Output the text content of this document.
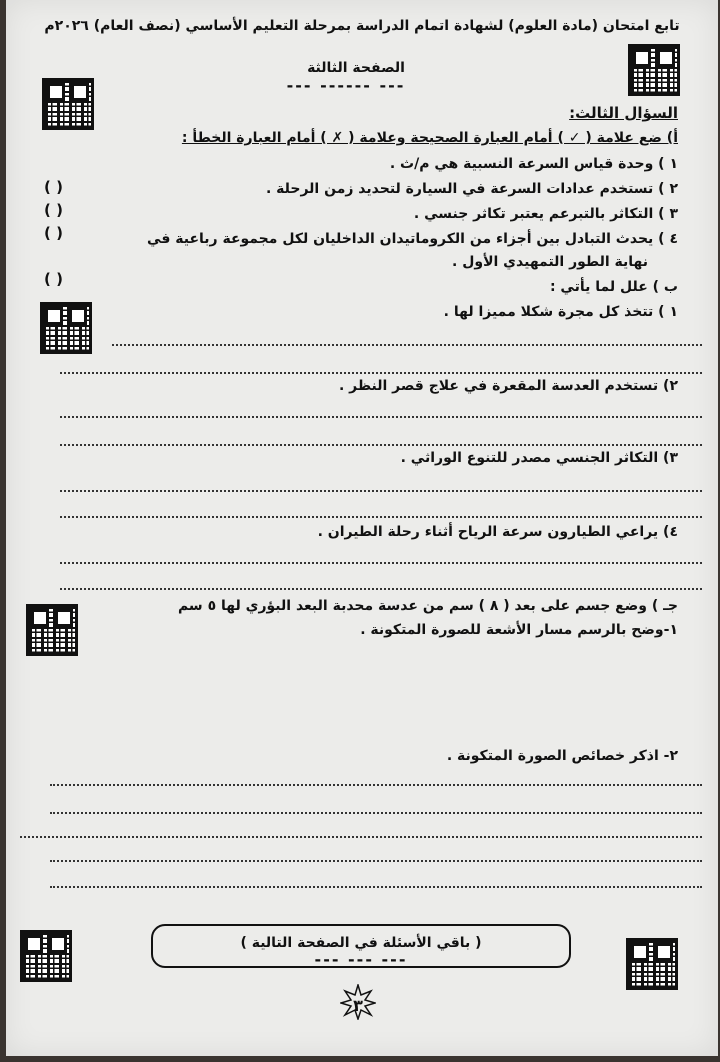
تابع امتحان (مادة العلوم) لشهادة اتمام الدراسة بمرحلة التعليم الأساسي (نصف العام) ٢٠٢٦م
الصفحة الثالثة
--- ------ ---
السؤال الثالث:
أ) ضع علامة ( ✓ ) أمام العبارة الصحيحة وعلامة ( ✗ ) أمام العبارة الخطأ :
١ ) وحدة قياس السرعة النسبية هي م/ث .
٢ ) تستخدم عدادات السرعة في السيارة لتحديد زمن الرحلة .
٣ ) التكاثر بالتبرعم يعتبر تكاثر جنسي .
٤ ) يحدث التبادل بين أجزاء من الكروماتيدان الداخليان لكل مجموعة رباعية في
نهاية الطور التمهيدي الأول .
( )
( )
( )
( )	ب ) علل لما يأتي :
١ ) تتخذ كل مجرة شكلا مميزا لها .
٢) تستخدم العدسة المقعرة في علاج قصر النظر .
٣) التكاثر الجنسي مصدر للتنوع الوراثي .
٤) يراعي الطيارون سرعة الرياح أثناء رحلة الطيران .
جـ ) وضع جسم على بعد ( ٨ ) سم من عدسة محدبة البعد البؤري لها ٥ سم
١-وضح بالرسم مسار الأشعة للصورة المتكونة .
٢- اذكر خصائص الصورة المتكونة .
( باقي الأسئلة في الصفحة التالية )
--- --- ---
٣
